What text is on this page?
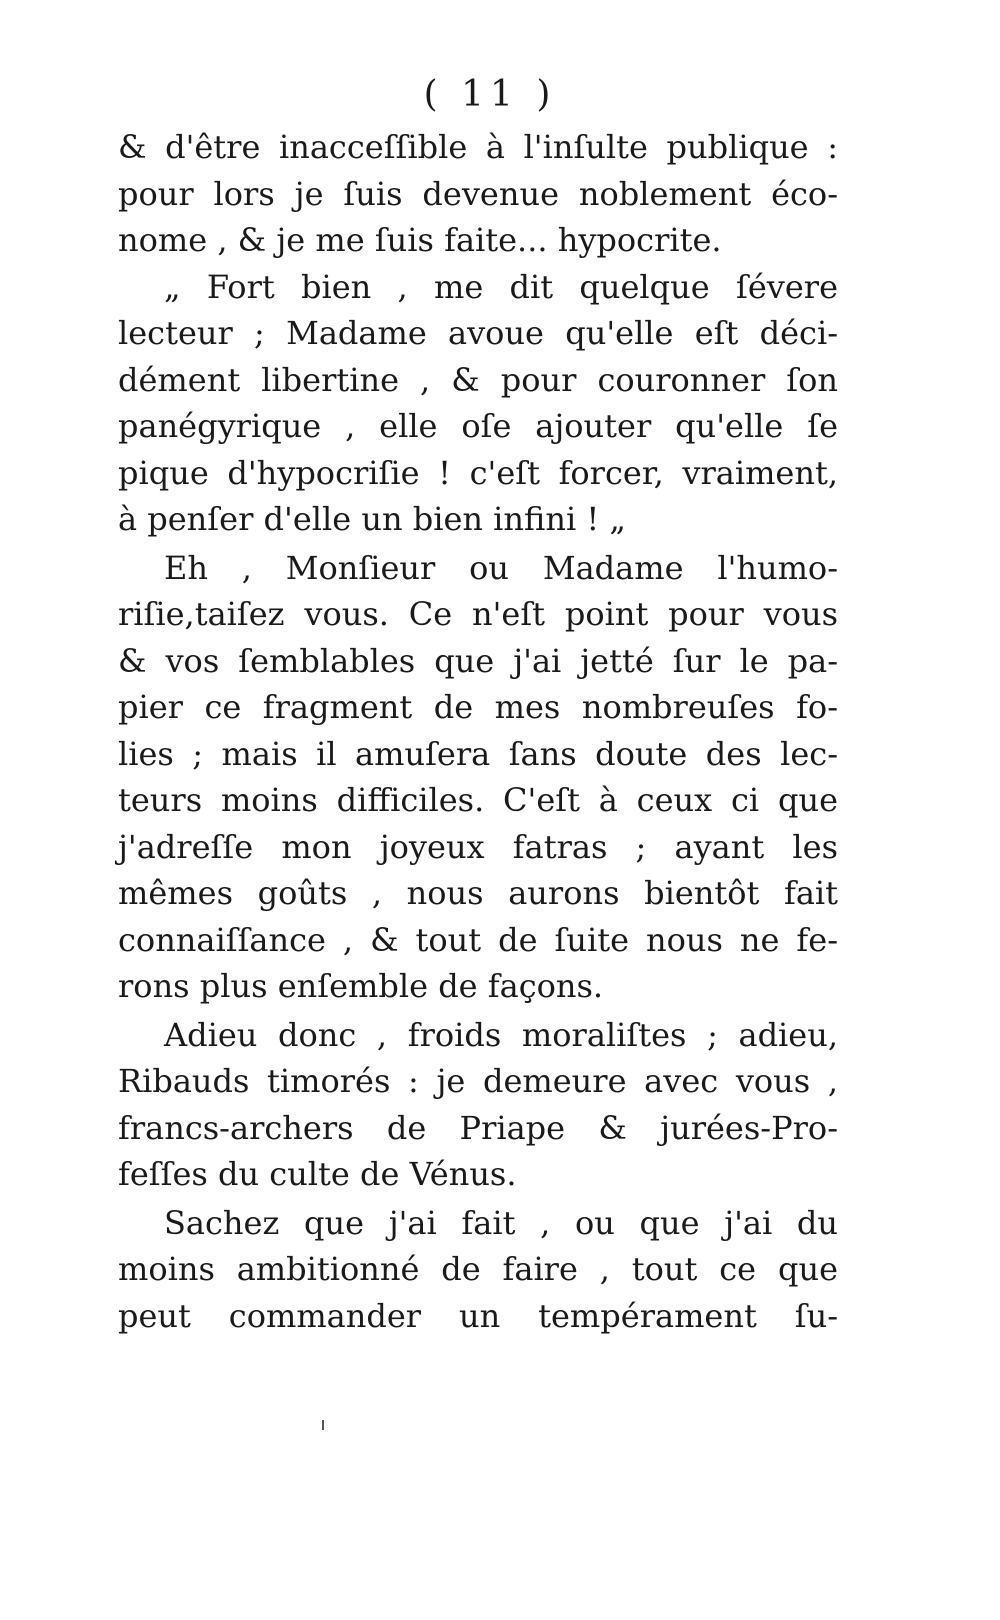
( 11 )
& d'être inacceſſible à l'inſulte publique :
pour lors je ſuis devenue noblement éco-
nome , & je me ſuis faite... hypocrite.
„ Fort bien , me dit quelque ſévere
lecteur ; Madame avoue qu'elle eſt déci-
dément libertine , & pour couronner ſon
panégyrique , elle oſe ajouter qu'elle ſe
pique d'hypocriſie ! c'eſt forcer, vraiment,
à penſer d'elle un bien infini ! „
Eh , Monſieur ou Madame l'humo-
riſie,taiſez vous. Ce n'eſt point pour vous
& vos ſemblables que j'ai jetté ſur le pa-
pier ce fragment de mes nombreuſes fo-
lies ; mais il amuſera ſans doute des lec-
teurs moins difficiles. C'eſt à ceux ci que
j'adreſſe mon joyeux fatras ; ayant les
mêmes goûts , nous aurons bientôt fait
connaiſſance , & tout de ſuite nous ne fe-
rons plus enſemble de façons.
Adieu donc , froids moraliſtes ; adieu,
Ribauds timorés : je demeure avec vous ,
francs-archers de Priape & jurées-Pro-
feſſes du culte de Vénus.
Sachez que j'ai fait , ou que j'ai du
moins ambitionné de faire , tout ce que
peut commander un tempérament ſu-
